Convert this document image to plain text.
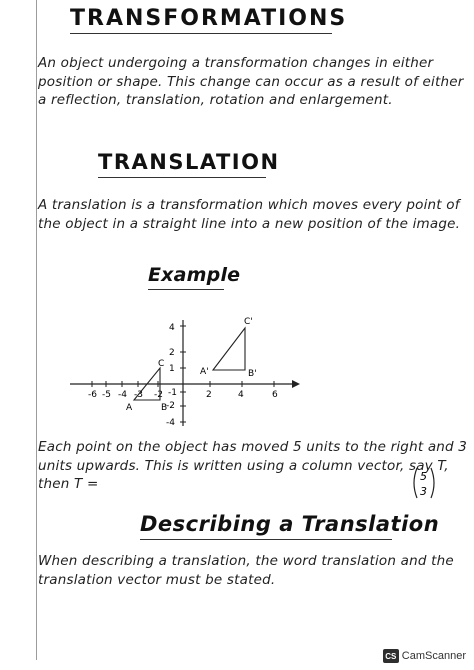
TRANSFORMATIONS
An object undergoing a transformation changes in either position or shape. This change can occur as a result of either a reflection, translation, rotation and enlargement.
TRANSLATION
A translation is a transformation which moves every point of the object in a straight line into a new position of the image.
Example
-6 -5 -4 -3 -2	2	4	6
4
2
1
-1
-2
-4
A	B
C
A'	B'
C'
Each point on the object has moved 5 units to the right and 3 units upwards. This is written using a column vector, say T, then T =	5
3
Describing a Translation
When describing a translation, the word translation and the translation vector must be stated.
CS CamScanner
